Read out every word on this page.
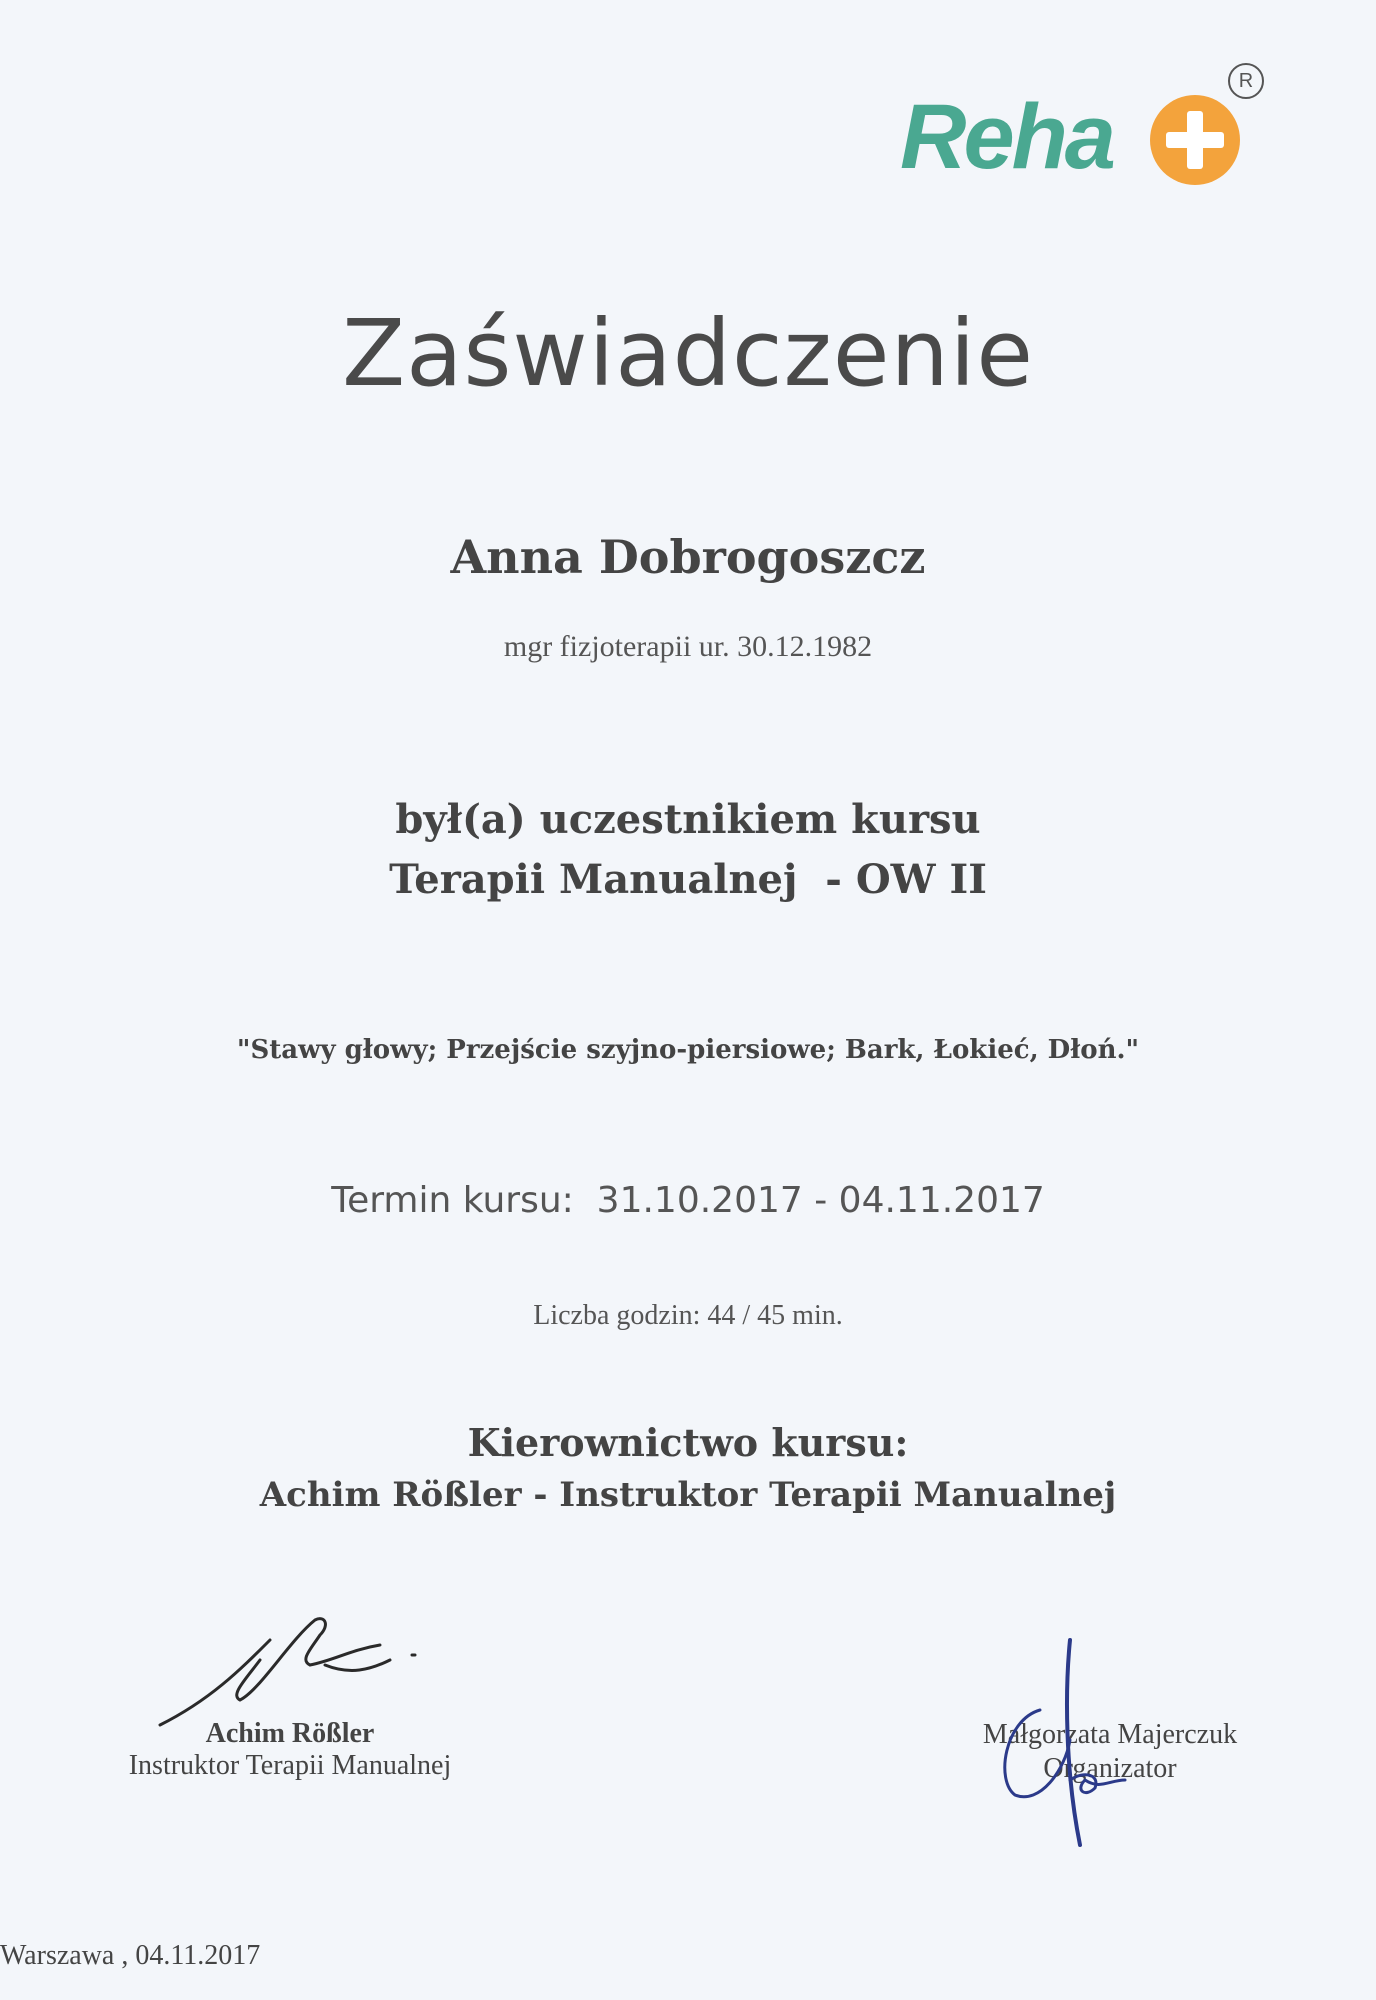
Reha
R
Zaświadczenie
Anna Dobrogoszcz
mgr fizjoterapii ur. 30.12.1982
był(a) uczestnikiem kursu
Terapii Manualnej  - OW II
"Stawy głowy; Przejście szyjno-piersiowe; Bark, Łokieć, Dłoń."
Termin kursu: 31.10.2017 - 04.11.2017
Liczba godzin: 44 / 45 min.
Kierownictwo kursu:
Achim Rößler - Instruktor Terapii Manualnej
Achim Rößler
Instruktor Terapii Manualnej
Małgorzata Majerczuk
Organizator
Warszawa , 04.11.2017
